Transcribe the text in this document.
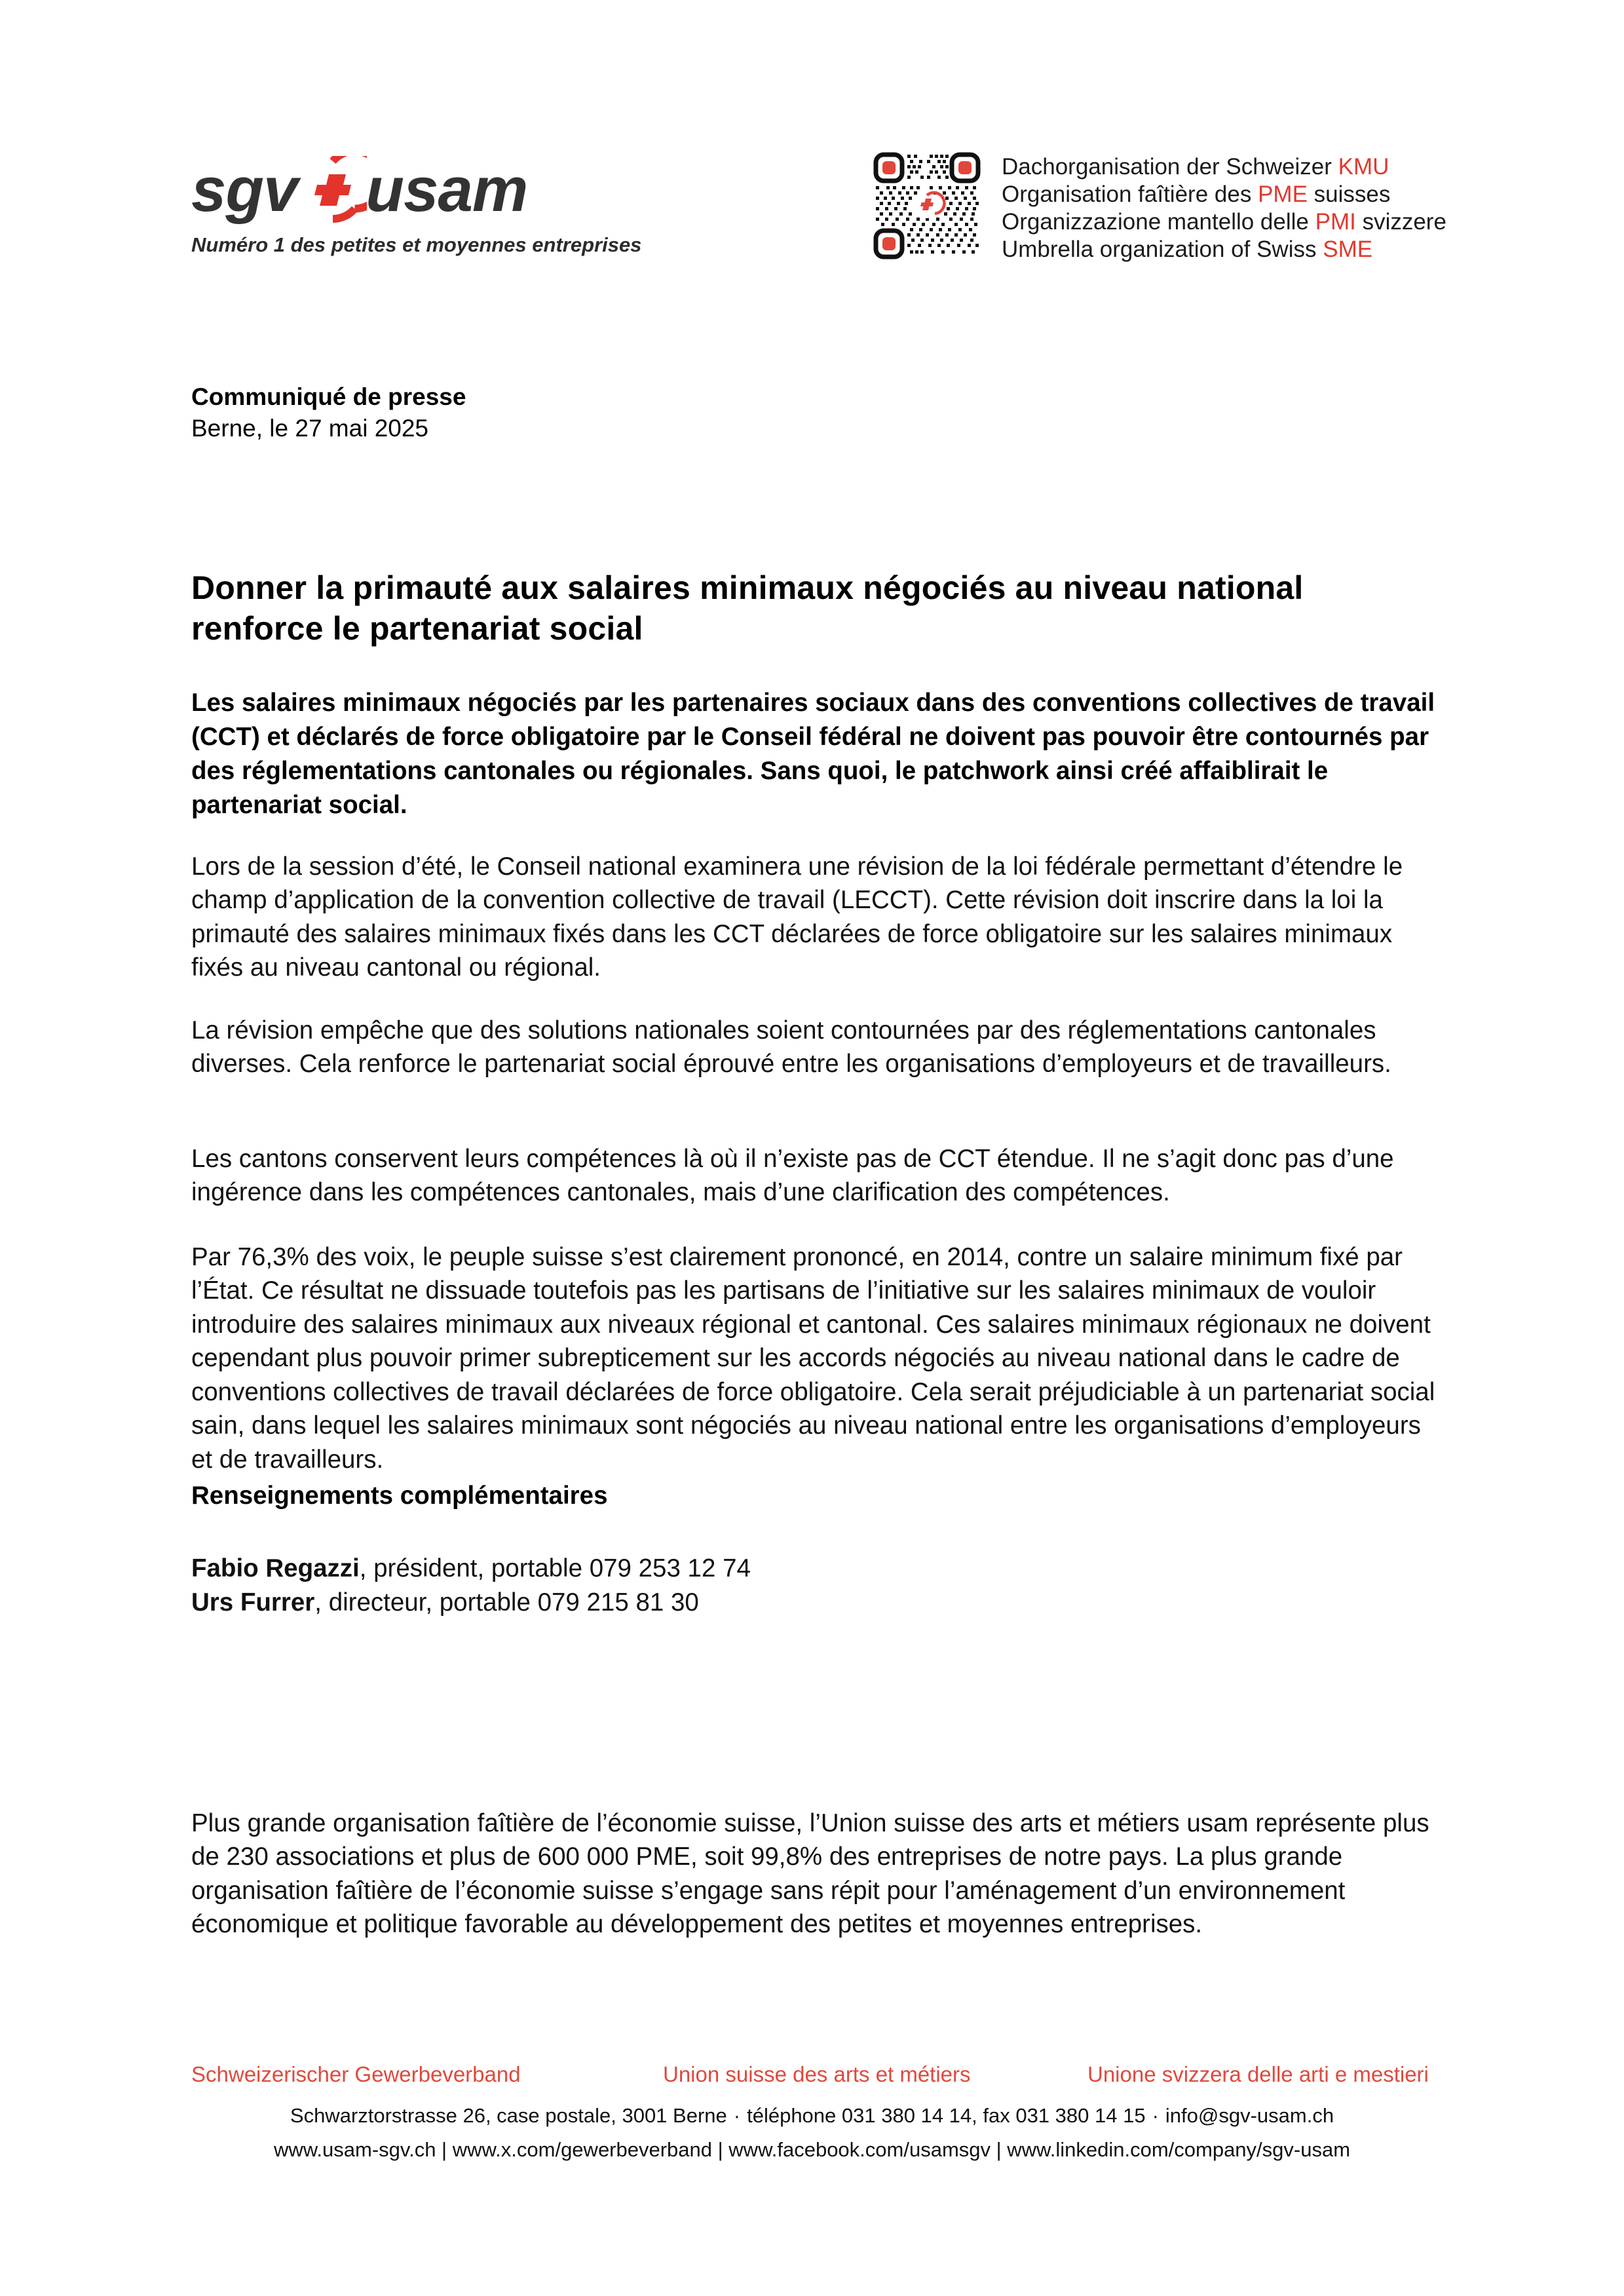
sgv usam
Numéro 1 des petites et moyennes entreprises
Dachorganisation der Schweizer KMU
Organisation faîtière des PME suisses
Organizzazione mantello delle PMI svizzere
Umbrella organization of Swiss SME
Communiqué de presse
Berne, le 27 mai 2025
Donner la primauté aux salaires minimaux négociés au niveau national renforce le partenariat social

Les salaires minimaux négociés par les partenaires sociaux dans des conventions collectives de travail (CCT) et déclarés de force obligatoire par le Conseil fédéral ne doivent pas pouvoir être contournés par des réglementations cantonales ou régionales. Sans quoi, le patchwork ainsi créé affaiblirait le partenariat social.

Lors de la session d’été, le Conseil national examinera une révision de la loi fédérale permettant d’étendre le champ d’application de la convention collective de travail (LECCT). Cette révision doit inscrire dans la loi la primauté des salaires minimaux fixés dans les CCT déclarées de force obligatoire sur les salaires minimaux fixés au niveau cantonal ou régional.

La révision empêche que des solutions nationales soient contournées par des réglementations cantonales diverses. Cela renforce le partenariat social éprouvé entre les organisations d’employeurs et de travailleurs.

Les cantons conservent leurs compétences là où il n’existe pas de CCT étendue. Il ne s’agit donc pas d’une ingérence dans les compétences cantonales, mais d’une clarification des compétences.

Par 76,3% des voix, le peuple suisse s’est clairement prononcé, en 2014, contre un salaire minimum fixé par l’État. Ce résultat ne dissuade toutefois pas les partisans de l’initiative sur les salaires minimaux de vouloir introduire des salaires minimaux aux niveaux régional et cantonal. Ces salaires minimaux régionaux ne doivent cependant plus pouvoir primer subrepticement sur les accords négociés au niveau national dans le cadre de conventions collectives de travail déclarées de force obligatoire. Cela serait préjudiciable à un partenariat social sain, dans lequel les salaires minimaux sont négociés au niveau national entre les organisations d’employeurs et de travailleurs.

Renseignements complémentaires
Fabio Regazzi, président, portable 079 253 12 74
Urs Furrer, directeur, portable 079 215 81 30

Plus grande organisation faîtière de l’économie suisse, l’Union suisse des arts et métiers usam représente plus de 230 associations et plus de 600 000 PME, soit 99,8% des entreprises de notre pays. La plus grande organisation faîtière de l’économie suisse s’engage sans répit pour l’aménagement d’un environnement économique et politique favorable au développement des petites et moyennes entreprises.

Schweizerischer Gewerbeverband	Union suisse des arts et métiers	Unione svizzera delle arti e mestieri
Schwarztorstrasse 26, case postale, 3001 Berne · téléphone 031 380 14 14, fax 031 380 14 15 · info@sgv-usam.ch
www.usam-sgv.ch | www.x.com/gewerbeverband | www.facebook.com/usamsgv | www.linkedin.com/company/sgv-usam
